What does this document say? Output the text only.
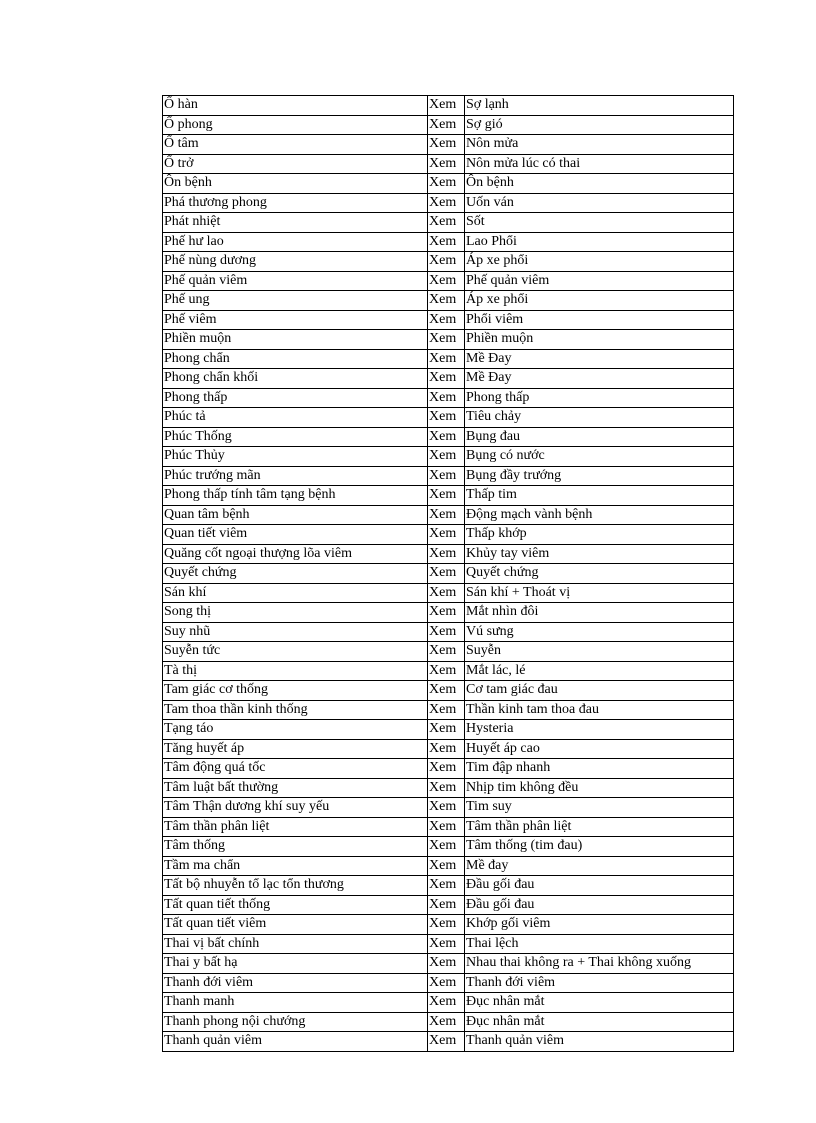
Ố hàn	Xem	Sợ lạnh
Ố phong	Xem	Sợ gió
Ố tâm	Xem	Nôn mửa
Ố trở	Xem	Nôn mửa lúc có thai
Ôn bệnh	Xem	Ôn bệnh
Phá thương phong	Xem	Uốn ván
Phát nhiệt	Xem	Sốt
Phế hư lao	Xem	Lao Phổi
Phế nùng dương	Xem	Áp xe phổi
Phế quản viêm	Xem	Phế quản viêm
Phế ung	Xem	Áp xe phổi
Phế viêm	Xem	Phổi viêm
Phiền muộn	Xem	Phiền muộn
Phong chẩn	Xem	Mề Đay
Phong chẩn khối	Xem	Mề Đay
Phong thấp	Xem	Phong thấp
Phúc tả	Xem	Tiêu chảy
Phúc Thống	Xem	Bụng đau
Phúc Thủy	Xem	Bụng có nước
Phúc trướng mãn	Xem	Bụng đầy trướng
Phong thấp tính tâm tạng bệnh	Xem	Thấp tim
Quan tâm bệnh	Xem	Động mạch vành bệnh
Quan tiết viêm	Xem	Thấp khớp
Quăng cốt ngoại thượng lõa viêm	Xem	Khủy tay viêm
Quyết chứng	Xem	Quyết chứng
Sán khí	Xem	Sán khí + Thoát vị
Song thị	Xem	Mắt nhìn đôi
Suy nhũ	Xem	Vú sưng
Suyễn tức	Xem	Suyễn
Tà thị	Xem	Mắt lác, lé
Tam giác cơ thống	Xem	Cơ tam giác đau
Tam thoa thần kinh thống	Xem	Thần kinh tam thoa đau
Tạng táo	Xem	Hysteria
Tăng huyết áp	Xem	Huyết áp cao
Tâm động quá tốc	Xem	Tim đập nhanh
Tâm luật bất thường	Xem	Nhịp tim không đều
Tâm Thận dương khí suy yếu	Xem	Tim suy
Tâm thần phân liệt	Xem	Tâm thần phân liệt
Tâm thống	Xem	Tâm thống (tim đau)
Tầm ma chẩn	Xem	Mề đay
Tất bộ nhuyễn tổ lạc tổn thương	Xem	Đầu gối đau
Tất quan tiết thống	Xem	Đầu gối đau
Tất quan tiết viêm	Xem	Khớp gối viêm
Thai vị bất chính	Xem	Thai lệch
Thai y bất hạ	Xem	Nhau thai không ra + Thai không xuống
Thanh đới viêm	Xem	Thanh đới viêm
Thanh manh	Xem	Đục nhân mắt
Thanh phong nội chướng	Xem	Đục nhân mắt
Thanh quản viêm	Xem	Thanh quản viêm
